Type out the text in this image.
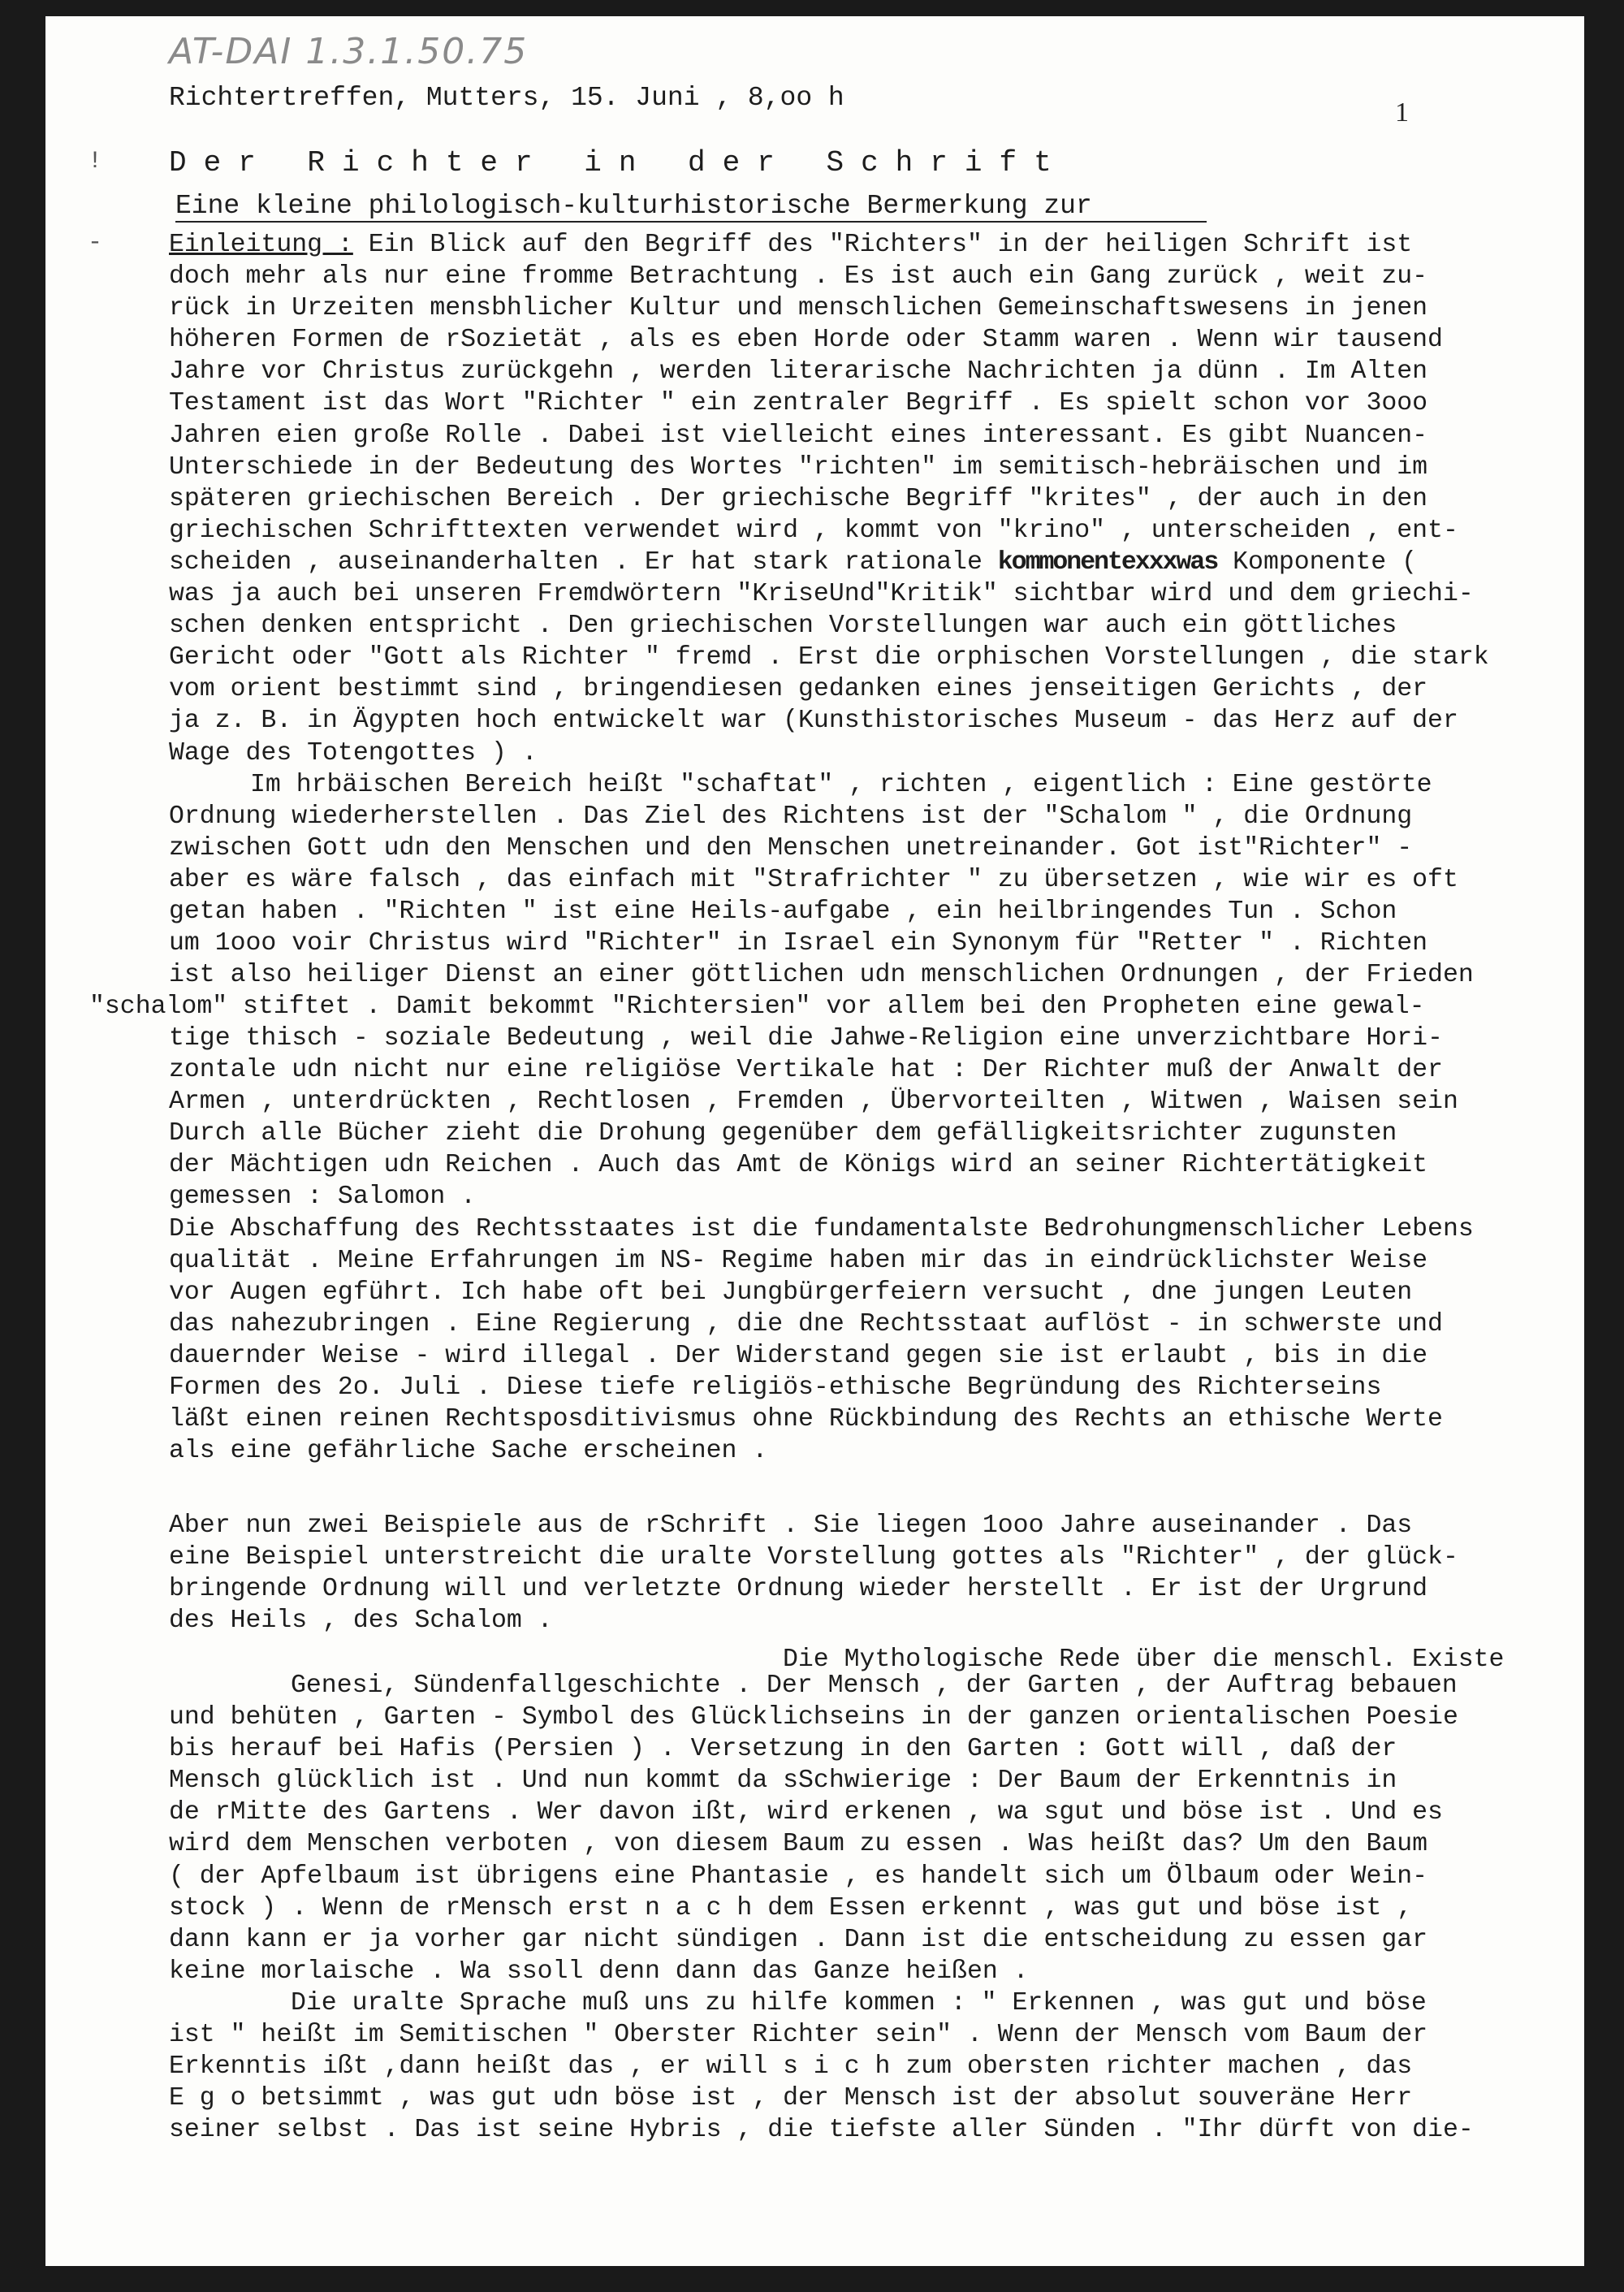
AT-DAI 1.3.1.50.75
Richtertreffen, Mutters, 15. Juni , 8,oo h	1
!
-
Der Richter in der Schrift
Eine kleine philologisch-kulturhistorische Bermerkung zur
Einleitung : Ein Blick auf den Begriff des "Richters" in der heiligen Schrift ist
doch mehr als nur eine fromme Betrachtung . Es ist auch ein Gang zurück , weit zu-
rück in Urzeiten mensbhlicher Kultur und menschlichen Gemeinschaftswesens in jenen
höheren Formen de rSozietät , als es eben Horde oder Stamm waren . Wenn wir tausend
Jahre vor Christus zurückgehn , werden literarische Nachrichten ja dünn . Im Alten
Testament ist das Wort "Richter " ein zentraler Begriff . Es spielt schon vor 3ooo
Jahren eien große Rolle . Dabei ist vielleicht eines interessant. Es gibt Nuancen-
Unterschiede in der Bedeutung des Wortes "richten" im semitisch-hebräischen und im
späteren griechischen Bereich . Der griechische Begriff "krites" , der auch in den
griechischen Schrifttexten verwendet wird , kommt von "krino" , unterscheiden , ent-
scheiden , auseinanderhalten . Er hat stark rationale kommonentexxxwas Komponente (
was ja auch bei unseren Fremdwörtern "KriseUnd"Kritik" sichtbar wird und dem griechi-
schen denken entspricht . Den griechischen Vorstellungen war auch ein göttliches
Gericht oder "Gott als Richter " fremd . Erst die orphischen Vorstellungen , die stark
vom orient bestimmt sind , bringendiesen gedanken eines jenseitigen Gerichts , der
ja z. B. in Ägypten hoch entwickelt war (Kunsthistorisches Museum - das Herz auf der
Wage des Totengottes ) .
Im hrbäischen Bereich heißt "schaftat" , richten , eigentlich : Eine gestörte
Ordnung wiederherstellen . Das Ziel des Richtens ist der "Schalom " , die Ordnung
zwischen Gott udn den Menschen und den Menschen unetreinander. Got ist"Richter" -
aber es wäre falsch , das einfach mit "Strafrichter " zu übersetzen , wie wir es oft
getan haben . "Richten " ist eine Heils-aufgabe , ein heilbringendes Tun . Schon
um 1ooo voir Christus wird "Richter" in Israel ein Synonym für "Retter " . Richten
ist also heiliger Dienst an einer göttlichen udn menschlichen Ordnungen , der Frieden
"schalom" stiftet . Damit bekommt "Richtersien" vor allem bei den Propheten eine gewal-
tige thisch - soziale Bedeutung , weil die Jahwe-Religion eine unverzichtbare Hori-
zontale udn nicht nur eine religiöse Vertikale hat : Der Richter muß der Anwalt der
Armen , unterdrückten , Rechtlosen , Fremden , Übervorteilten , Witwen , Waisen sein
Durch alle Bücher zieht die Drohung gegenüber dem gefälligkeitsrichter zugunsten
der Mächtigen udn Reichen . Auch das Amt de Königs wird an seiner Richtertätigkeit
gemessen : Salomon .
Die Abschaffung des Rechtsstaates ist die fundamentalste Bedrohungmenschlicher Lebens
qualität . Meine Erfahrungen im NS- Regime haben mir das in eindrücklichster Weise
vor Augen egführt. Ich habe oft bei Jungbürgerfeiern versucht , dne jungen Leuten
das nahezubringen . Eine Regierung , die dne Rechtsstaat auflöst - in schwerste und
dauernder Weise - wird illegal . Der Widerstand gegen sie ist erlaubt , bis in die
Formen des 2o. Juli . Diese tiefe religiös-ethische Begründung des Richterseins
läßt einen reinen Rechtsposditivismus ohne Rückbindung des Rechts an ethische Werte
als eine gefährliche Sache erscheinen .
Aber nun zwei Beispiele aus de rSchrift . Sie liegen 1ooo Jahre auseinander . Das
eine Beispiel unterstreicht die uralte Vorstellung gottes als "Richter" , der glück-
bringende Ordnung will und verletzte Ordnung wieder herstellt . Er ist der Urgrund
des Heils , des Schalom .
Die Mythologische Rede über die menschl. Existe
Genesi, Sündenfallgeschichte . Der Mensch , der Garten , der Auftrag bebauen
und behüten , Garten - Symbol des Glücklichseins in der ganzen orientalischen Poesie
bis herauf bei Hafis (Persien ) . Versetzung in den Garten : Gott will , daß der
Mensch glücklich ist . Und nun kommt da sSchwierige : Der Baum der Erkenntnis in
de rMitte des Gartens . Wer davon ißt, wird erkenen , wa sgut und böse ist . Und es
wird dem Menschen verboten , von diesem Baum zu essen . Was heißt das? Um den Baum
( der Apfelbaum ist übrigens eine Phantasie , es handelt sich um Ölbaum oder Wein-
stock ) . Wenn de rMensch erst n a c h dem Essen erkennt , was gut und böse ist ,
dann kann er ja vorher gar nicht sündigen . Dann ist die entscheidung zu essen gar
keine morlaische . Wa ssoll denn dann das Ganze heißen .
Die uralte Sprache muß uns zu hilfe kommen : " Erkennen , was gut und böse
ist " heißt im Semitischen " Oberster Richter sein" . Wenn der Mensch vom Baum der
Erkenntis ißt ,dann heißt das , er will s i c h zum obersten richter machen , das
E g o betsimmt , was gut udn böse ist , der Mensch ist der absolut souveräne Herr
seiner selbst . Das ist seine Hybris , die tiefste aller Sünden . "Ihr dürft von die-
